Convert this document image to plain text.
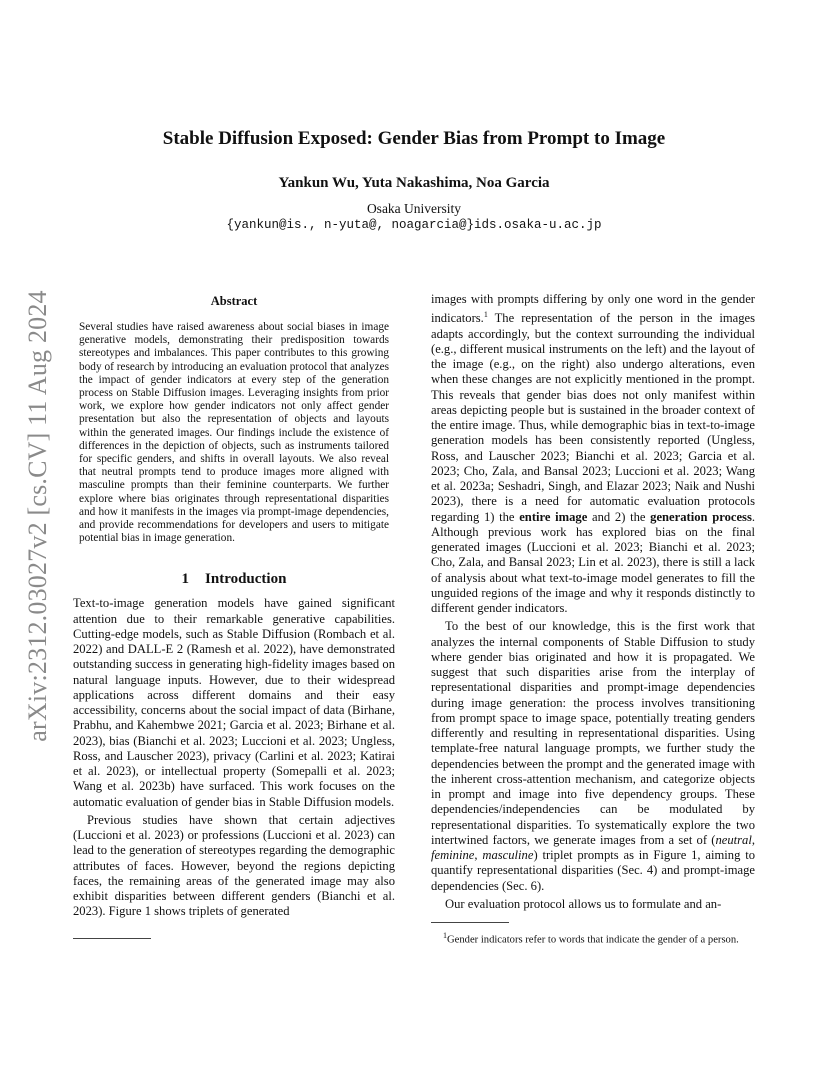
arXiv:2312.03027v2 [cs.CV] 11 Aug 2024
Stable Diffusion Exposed: Gender Bias from Prompt to Image
Yankun Wu, Yuta Nakashima, Noa Garcia
Osaka University
{yankun@is., n-yuta@, noagarcia@}ids.osaka-u.ac.jp
Abstract
Several studies have raised awareness about social biases in image generative models, demonstrating their predisposition towards stereotypes and imbalances. This paper contributes to this growing body of research by introducing an evaluation protocol that analyzes the impact of gender indicators at every step of the generation process on Stable Diffusion images. Leveraging insights from prior work, we explore how gender indicators not only affect gender presentation but also the representation of objects and layouts within the generated images. Our findings include the existence of differences in the depiction of objects, such as instruments tailored for specific genders, and shifts in overall layouts. We also reveal that neutral prompts tend to produce images more aligned with masculine prompts than their feminine counterparts. We further explore where bias originates through representational disparities and how it manifests in the images via prompt-image dependencies, and provide recommendations for developers and users to mitigate potential bias in image generation.
1 Introduction

Text-to-image generation models have gained significant attention due to their remarkable generative capabilities. Cutting-edge models, such as Stable Diffusion (Rombach et al. 2022) and DALL-E 2 (Ramesh et al. 2022), have demonstrated outstanding success in generating high-fidelity images based on natural language inputs. However, due to their widespread applications across different domains and their easy accessibility, concerns about the social impact of data (Birhane, Prabhu, and Kahembwe 2021; Garcia et al. 2023; Birhane et al. 2023), bias (Bianchi et al. 2023; Luccioni et al. 2023; Ungless, Ross, and Lauscher 2023), privacy (Carlini et al. 2023; Katirai et al. 2023), or intellectual property (Somepalli et al. 2023; Wang et al. 2023b) have surfaced. This work focuses on the automatic evaluation of gender bias in Stable Diffusion models.

Previous studies have shown that certain adjectives (Luccioni et al. 2023) or professions (Luccioni et al. 2023) can lead to the generation of stereotypes regarding the demographic attributes of faces. However, beyond the regions depicting faces, the remaining areas of the generated image may also exhibit disparities between different genders (Bianchi et al. 2023). Figure 1 shows triplets of generated

images with prompts differing by only one word in the gender indicators.$^1$ The representation of the person in the images adapts accordingly, but the context surrounding the individual (e.g., different musical instruments on the left) and the layout of the image (e.g., on the right) also undergo alterations, even when these changes are not explicitly mentioned in the prompt. This reveals that gender bias does not only manifest within areas depicting people but is sustained in the broader context of the entire image. Thus, while demographic bias in text-to-image generation models has been consistently reported (Ungless, Ross, and Lauscher 2023; Bianchi et al. 2023; Garcia et al. 2023; Cho, Zala, and Bansal 2023; Luccioni et al. 2023; Wang et al. 2023a; Seshadri, Singh, and Elazar 2023; Naik and Nushi 2023), there is a need for automatic evaluation protocols regarding 1) the entire image and 2) the generation process. Although previous work has explored bias on the final generated images (Luccioni et al. 2023; Bianchi et al. 2023; Cho, Zala, and Bansal 2023; Lin et al. 2023), there is still a lack of analysis about what text-to-image model generates to fill the unguided regions of the image and why it responds distinctly to different gender indicators.

To the best of our knowledge, this is the first work that analyzes the internal components of Stable Diffusion to study where gender bias originated and how it is propagated. We suggest that such disparities arise from the interplay of representational disparities and prompt-image dependencies during image generation: the process involves transitioning from prompt space to image space, potentially treating genders differently and resulting in representational disparities. Using template-free natural language prompts, we further study the dependencies between the prompt and the generated image with the inherent cross-attention mechanism, and categorize objects in prompt and image into five dependency groups. These dependencies/independencies can be modulated by representational disparities. To systematically explore the two intertwined factors, we generate images from a set of (neutral, feminine, masculine) triplet prompts as in Figure 1, aiming to quantify representational disparities (Sec. 4) and prompt-image dependencies (Sec. 6).

Our evaluation protocol allows us to formulate and an-

$^1$Gender indicators refer to words that indicate the gender of a person.
